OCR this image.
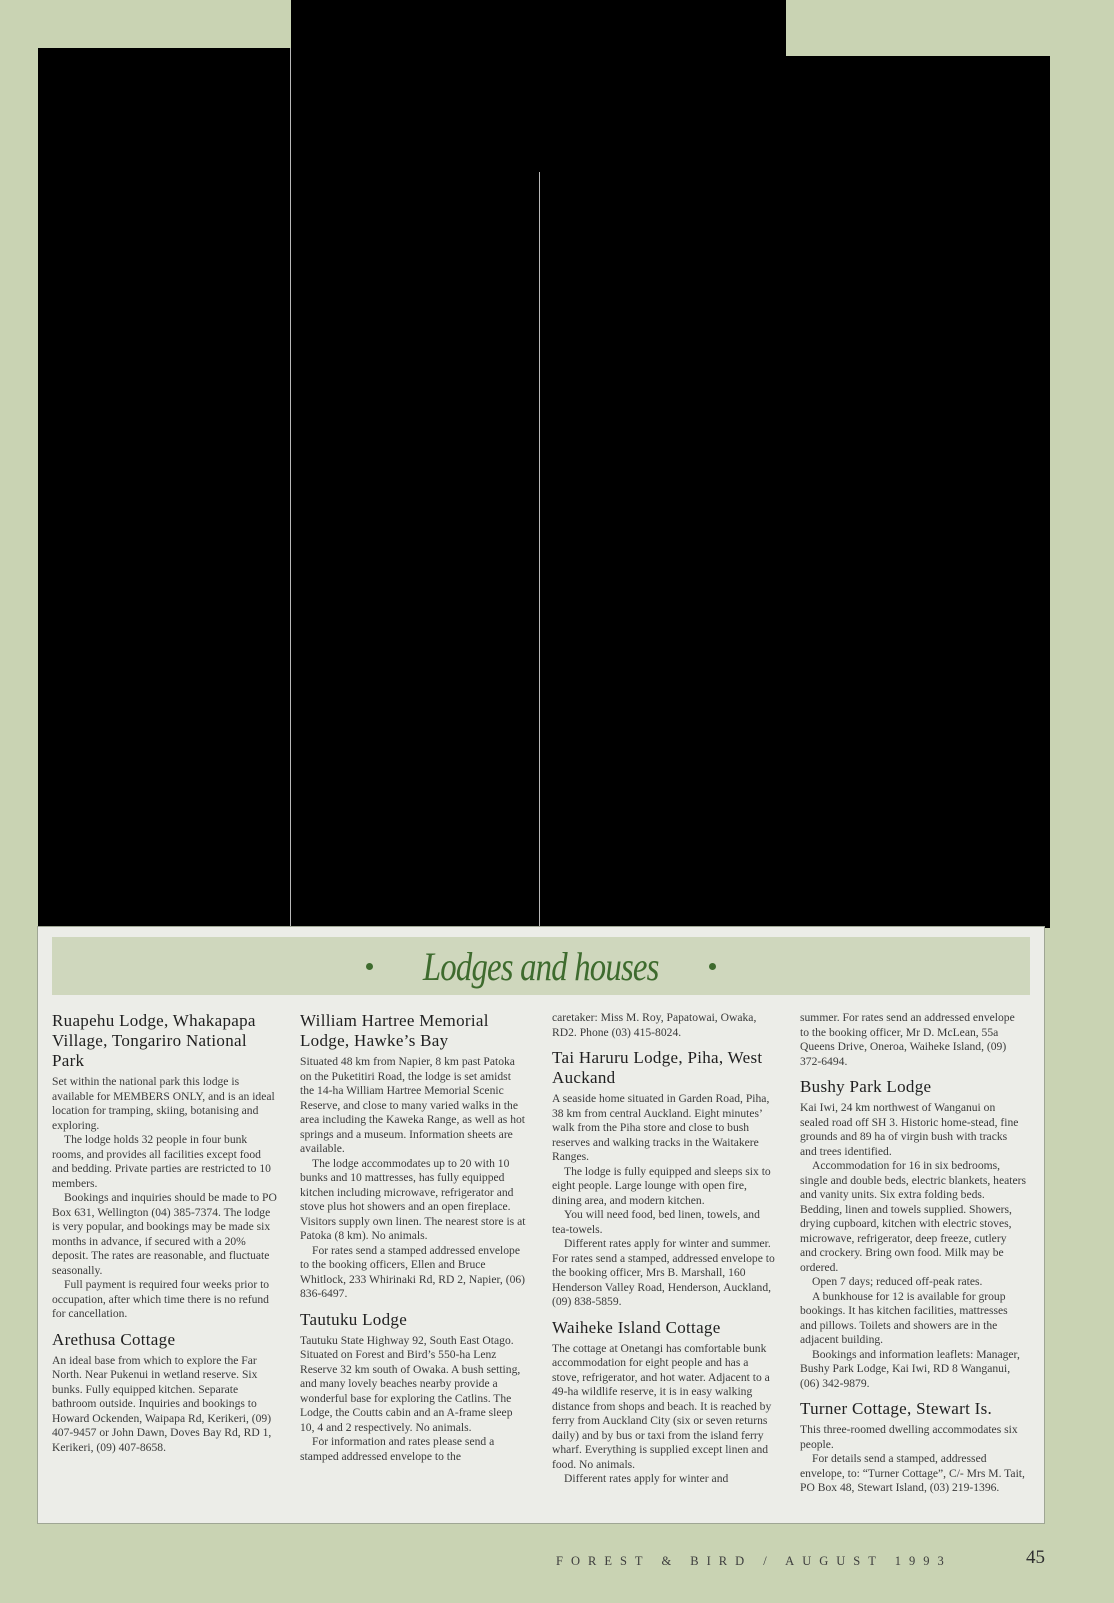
Lodges and houses
Ruapehu Lodge, Whakapapa Village, Tongariro National Park

Set within the national park this lodge is available for MEMBERS ONLY, and is an ideal location for tramping, skiing, botanising and exploring.

The lodge holds 32 people in four bunk rooms, and provides all facilities except food and bedding. Private parties are restricted to 10 members.

Bookings and inquiries should be made to PO Box 631, Wellington (04) 385-7374. The lodge is very popular, and bookings may be made six months in advance, if secured with a 20% deposit. The rates are reasonable, and fluctuate seasonally.

Full payment is required four weeks prior to occupation, after which time there is no refund for cancellation.

Arethusa Cottage

An ideal base from which to explore the Far North. Near Pukenui in wetland reserve. Six bunks. Fully equipped kitchen. Separate bathroom outside. Inquiries and bookings to Howard Ockenden, Waipapa Rd, Kerikeri, (09) 407-9457 or John Dawn, Doves Bay Rd, RD 1, Kerikeri, (09) 407-8658.

William Hartree Memorial Lodge, Hawke’s Bay

Situated 48 km from Napier, 8 km past Patoka on the Puketitiri Road, the lodge is set amidst the 14-ha William Hartree Memorial Scenic Reserve, and close to many varied walks in the area including the Kaweka Range, as well as hot springs and a museum. Information sheets are available.

The lodge accommodates up to 20 with 10 bunks and 10 mattresses, has fully equipped kitchen including microwave, refrigerator and stove plus hot showers and an open fireplace. Visitors supply own linen. The nearest store is at Patoka (8 km). No animals.

For rates send a stamped addressed envelope to the booking officers, Ellen and Bruce Whitlock, 233 Whirinaki Rd, RD 2, Napier, (06) 836-6497.

Tautuku Lodge

Tautuku State Highway 92, South East Otago. Situated on Forest and Bird’s 550-ha Lenz Reserve 32 km south of Owaka. A bush setting, and many lovely beaches nearby provide a wonderful base for exploring the Catlins. The Lodge, the Coutts cabin and an A-frame sleep 10, 4 and 2 respectively. No animals.

For information and rates please send a stamped addressed envelope to the

caretaker: Miss M. Roy, Papatowai, Owaka, RD2. Phone (03) 415-8024.

Tai Haruru Lodge, Piha, West Auckand

A seaside home situated in Garden Road, Piha, 38 km from central Auckland. Eight minutes’ walk from the Piha store and close to bush reserves and walking tracks in the Waitakere Ranges.

The lodge is fully equipped and sleeps six to eight people. Large lounge with open fire, dining area, and modern kitchen.

You will need food, bed linen, towels, and tea-towels.

Different rates apply for winter and summer. For rates send a stamped, addressed envelope to the booking officer, Mrs B. Marshall, 160 Henderson Valley Road, Henderson, Auckland, (09) 838-5859.

Waiheke Island Cottage

The cottage at Onetangi has comfortable bunk accommodation for eight people and has a stove, refrigerator, and hot water. Adjacent to a 49-ha wildlife reserve, it is in easy walking distance from shops and beach. It is reached by ferry from Auckland City (six or seven returns daily) and by bus or taxi from the island ferry wharf. Everything is supplied except linen and food. No animals.

Different rates apply for winter and

summer. For rates send an addressed envelope to the booking officer, Mr D. McLean, 55a Queens Drive, Oneroa, Waiheke Island, (09) 372-6494.

Bushy Park Lodge

Kai Iwi, 24 km northwest of Wanganui on sealed road off SH 3. Historic home-stead, fine grounds and 89 ha of virgin bush with tracks and trees identified.

Accommodation for 16 in six bedrooms, single and double beds, electric blankets, heaters and vanity units. Six extra folding beds. Bedding, linen and towels supplied. Showers, drying cupboard, kitchen with electric stoves, microwave, refrigerator, deep freeze, cutlery and crockery. Bring own food. Milk may be ordered.

Open 7 days; reduced off-peak rates.

A bunkhouse for 12 is available for group bookings. It has kitchen facilities, mattresses and pillows. Toilets and showers are in the adjacent building.

Bookings and information leaflets: Manager, Bushy Park Lodge, Kai Iwi, RD 8 Wanganui, (06) 342-9879.

Turner Cottage, Stewart Is.

This three-roomed dwelling accommodates six people.

For details send a stamped, addressed envelope, to: “Turner Cottage”, C/- Mrs M. Tait, PO Box 48, Stewart Island, (03) 219-1396.

FOREST & BIRD / AUGUST 1993	45
